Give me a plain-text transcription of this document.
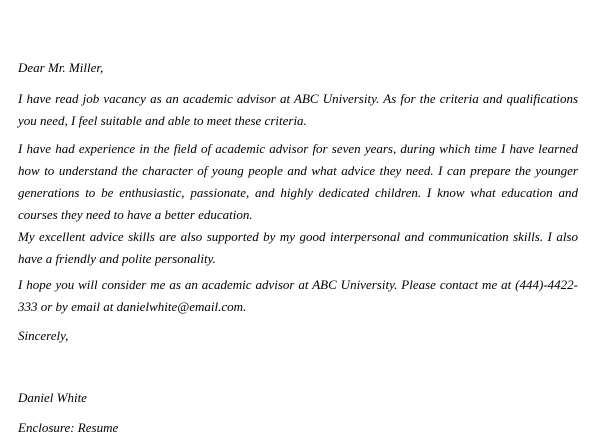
Dear Mr. Miller,
I have read job vacancy as an academic advisor at ABC University. As for the criteria and qualifications you need, I feel suitable and able to meet these criteria.
I have had experience in the field of academic advisor for seven years, during which time I have learned how to understand the character of young people and what advice they need. I can prepare the younger generations to be enthusiastic, passionate, and highly dedicated children. I know what education and courses they need to have a better education.
My excellent advice skills are also supported by my good interpersonal and communication skills. I also have a friendly and polite personality.
I hope you will consider me as an academic advisor at ABC University. Please contact me at (444)-4422-333 or by email at danielwhite@email.com.
Sincerely,
Daniel White
Enclosure: Resume
